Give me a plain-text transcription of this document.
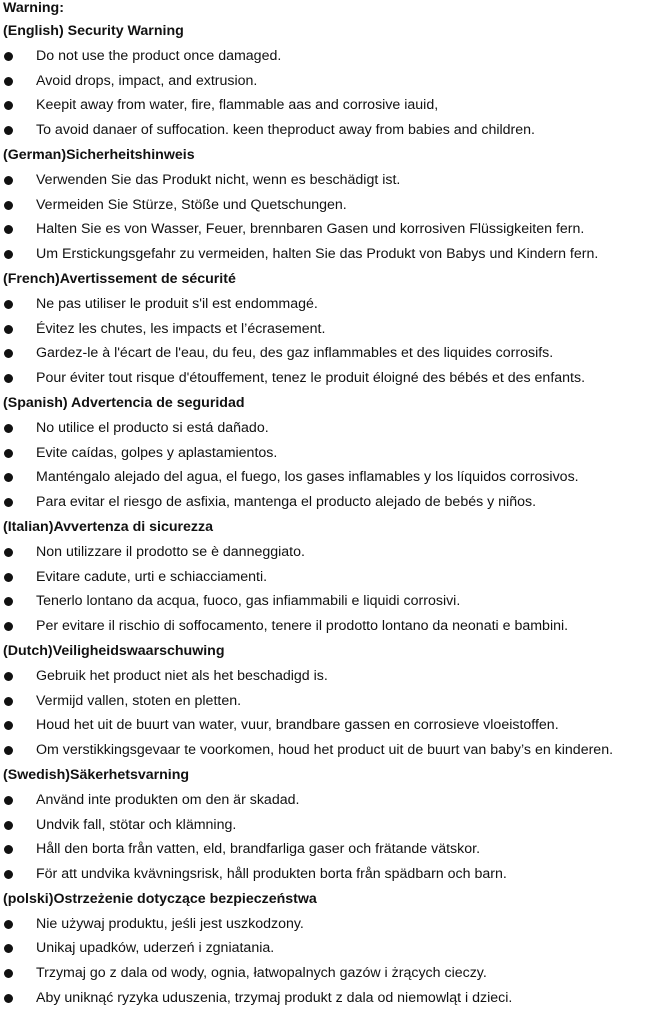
Warning:
(English) Security Warning
Do not use the product once damaged.
Avoid drops, impact, and extrusion.
Keepit away from water, fire, flammable aas and corrosive iauid,
To avoid danaer of suffocation. keen theproduct away from babies and children.
(German)Sicherheitshinweis
Verwenden Sie das Produkt nicht, wenn es beschädigt ist.
Vermeiden Sie Stürze, Stöße und Quetschungen.
Halten Sie es von Wasser, Feuer, brennbaren Gasen und korrosiven Flüssigkeiten fern.
Um Erstickungsgefahr zu vermeiden, halten Sie das Produkt von Babys und Kindern fern.
(French)Avertissement de sécurité
Ne pas utiliser le produit s'il est endommagé.
Évitez les chutes, les impacts et l’écrasement.
Gardez-le à l'écart de l'eau, du feu, des gaz inflammables et des liquides corrosifs.
Pour éviter tout risque d'étouffement, tenez le produit éloigné des bébés et des enfants.
(Spanish) Advertencia de seguridad
No utilice el producto si está dañado.
Evite caídas, golpes y aplastamientos.
Manténgalo alejado del agua, el fuego, los gases inflamables y los líquidos corrosivos.
Para evitar el riesgo de asfixia, mantenga el producto alejado de bebés y niños.
(Italian)Avvertenza di sicurezza
Non utilizzare il prodotto se è danneggiato.
Evitare cadute, urti e schiacciamenti.
Tenerlo lontano da acqua, fuoco, gas infiammabili e liquidi corrosivi.
Per evitare il rischio di soffocamento, tenere il prodotto lontano da neonati e bambini.
(Dutch)Veiligheidswaarschuwing
Gebruik het product niet als het beschadigd is.
Vermijd vallen, stoten en pletten.
Houd het uit de buurt van water, vuur, brandbare gassen en corrosieve vloeistoffen.
Om verstikkingsgevaar te voorkomen, houd het product uit de buurt van baby’s en kinderen.
(Swedish)Säkerhetsvarning
Använd inte produkten om den är skadad.
Undvik fall, stötar och klämning.
Håll den borta från vatten, eld, brandfarliga gaser och frätande vätskor.
För att undvika kvävningsrisk, håll produkten borta från spädbarn och barn.
(polski)Ostrzeżenie dotyczące bezpieczeństwa
Nie używaj produktu, jeśli jest uszkodzony.
Unikaj upadków, uderzeń i zgniatania.
Trzymaj go z dala od wody, ognia, łatwopalnych gazów i żrących cieczy.
Aby uniknąć ryzyka uduszenia, trzymaj produkt z dala od niemowląt i dzieci.
